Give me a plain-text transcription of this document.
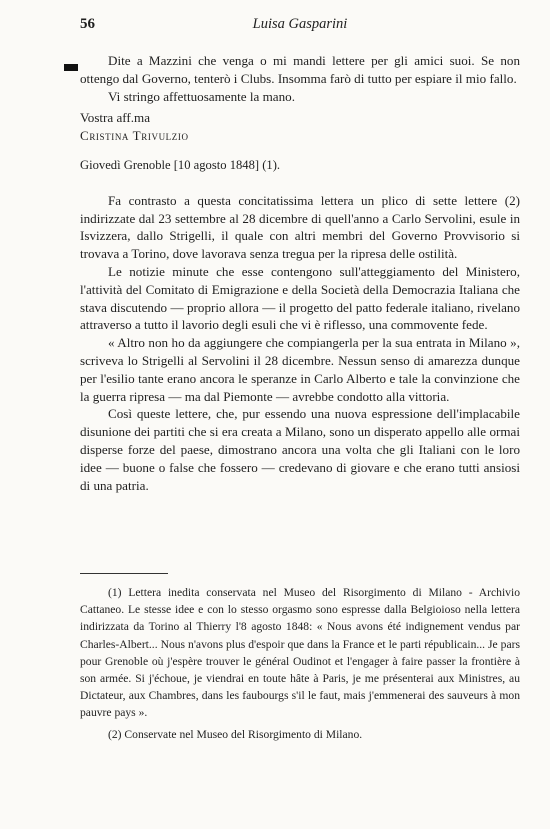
56	Luisa Gasparini

Dite a Mazzini che venga o mi mandi lettere per gli amici suoi. Se non ottengo dal Governo, tenterò i Clubs. Insomma farò di tutto per espiare il mio fallo.

Vi stringo affettuosamente la mano.

Vostra aff.ma

Cristina Trivulzio

Giovedì Grenoble [10 agosto 1848] (1).

Fa contrasto a questa concitatissima lettera un plico di sette lettere (2) indirizzate dal 23 settembre al 28 dicembre di quell'anno a Carlo Servolini, esule in Isvizzera, dallo Strigelli, il quale con altri membri del Governo Provvisorio si trovava a Torino, dove lavorava senza tregua per la ripresa delle ostilità.

Le notizie minute che esse contengono sull'atteggiamento del Ministero, l'attività del Comitato di Emigrazione e della Società della Democrazia Italiana che stava discutendo — proprio allora — il progetto del patto federale italiano, rivelano attraverso a tutto il lavorio degli esuli che vi è riflesso, una commovente fede.

« Altro non ho da aggiungere che compiangerla per la sua entrata in Milano », scriveva lo Strigelli al Servolini il 28 dicembre. Nessun senso di amarezza dunque per l'esilio tante erano ancora le speranze in Carlo Alberto e tale la convinzione che la guerra ripresa — ma dal Piemonte — avrebbe condotto alla vittoria.

Così queste lettere, che, pur essendo una nuova espressione dell'implacabile disunione dei partiti che si era creata a Milano, sono un disperato appello alle ormai disperse forze del paese, dimostrano ancora una volta che gli Italiani con le loro idee — buone o false che fossero — credevano di giovare e che erano tutti ansiosi di una patria.

(1) Lettera inedita conservata nel Museo del Risorgimento di Milano - Archivio Cattaneo. Le stesse idee e con lo stesso orgasmo sono espresse dalla Belgioioso nella lettera indirizzata da Torino al Thierry l'8 agosto 1848: « Nous avons été indignement vendus par Charles-Albert... Nous n'avons plus d'espoir que dans la France et le parti républicain... Je pars pour Grenoble où j'espère trouver le général Oudinot et l'engager à faire passer la frontière à son armée. Si j'échoue, je viendrai en toute hâte à Paris, je me présenterai aux Ministres, au Dictateur, aux Chambres, dans les faubourgs s'il le faut, mais j'emmenerai des sauveurs à mon pauvre pays ».

(2) Conservate nel Museo del Risorgimento di Milano.
